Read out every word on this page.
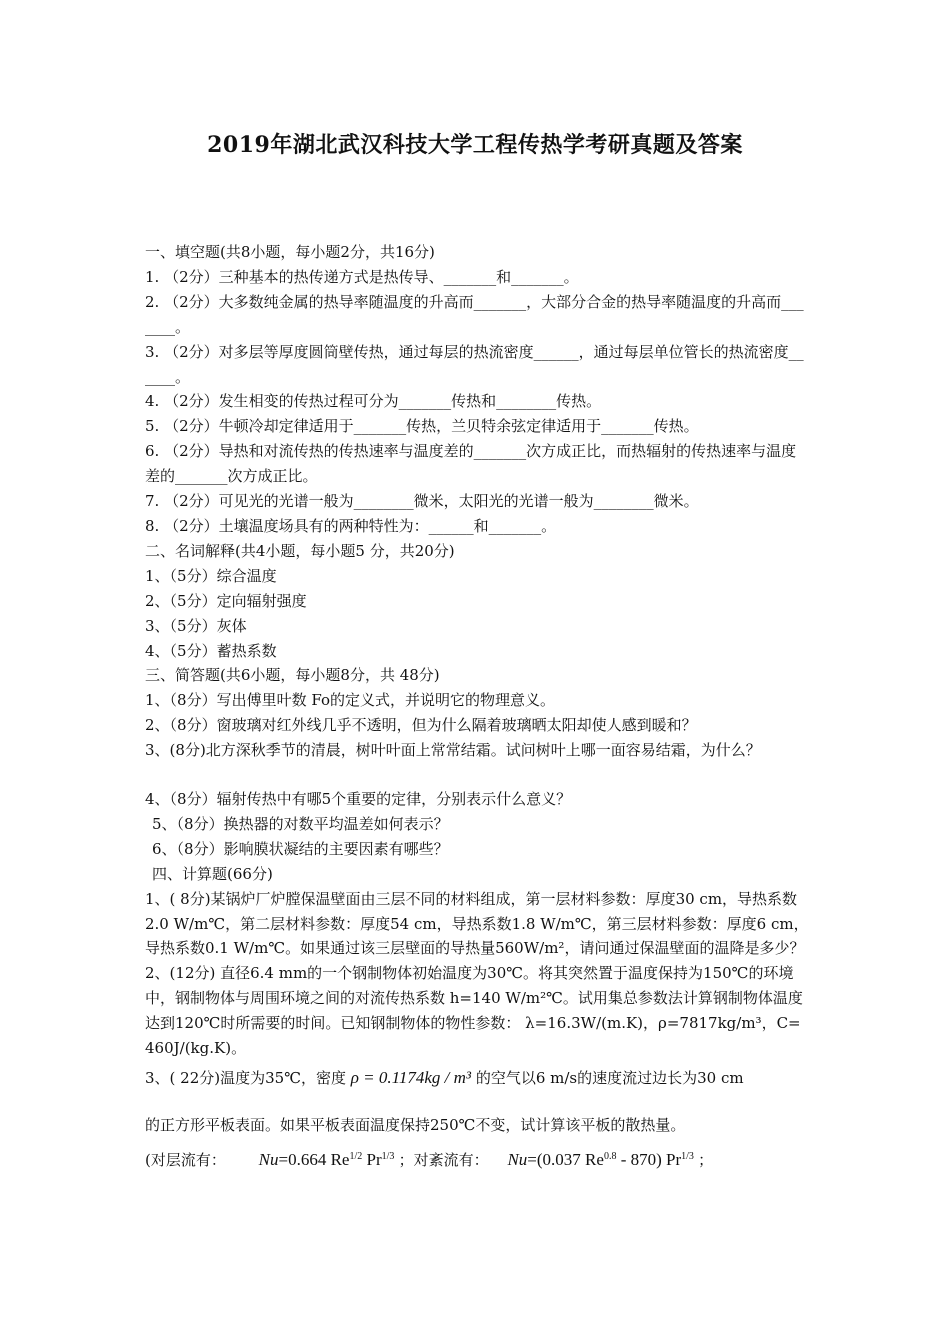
2019年湖北武汉科技大学工程传热学考研真题及答案

一、填空题(共8小题，每小题2分，共16分)

1. （2分）三种基本的热传递方式是热传导、_______和_______。

2. （2分）大多数纯金属的热导率随温度的升高而_______，大部分合金的热导率随温度的升高而_______。

3. （2分）对多层等厚度圆筒壁传热，通过每层的热流密度______，通过每层单位管长的热流密度______。

4. （2分）发生相变的传热过程可分为_______传热和________传热。

5. （2分）牛顿冷却定律适用于_______传热，兰贝特余弦定律适用于_______传热。

6. （2分）导热和对流传热的传热速率与温度差的_______次方成正比，而热辐射的传热速率与温度差的_______次方成正比。

7. （2分）可见光的光谱一般为________微米，太阳光的光谱一般为________微米。

8. （2分）土壤温度场具有的两种特性为：______和_______。

二、名词解释(共4小题，每小题5 分，共20分)

1、（5分）综合温度

2、（5分）定向辐射强度

3、（5分）灰体

4、（5分）蓄热系数

三、简答题(共6小题，每小题8分，共 48分)

1、（8分）写出傅里叶数 Fo的定义式，并说明它的物理意义。

2、（8分）窗玻璃对红外线几乎不透明，但为什么隔着玻璃晒太阳却使人感到暖和？

3、(8分)北方深秋季节的清晨，树叶叶面上常常结霜。试问树叶上哪一面容易结霜，为什么？

4、（8分）辐射传热中有哪5个重要的定律，分别表示什么意义？

5、（8分）换热器的对数平均温差如何表示？

6、（8分）影响膜状凝结的主要因素有哪些？

四、计算题(66分)

1、( 8分)某锅炉厂炉膛保温壁面由三层不同的材料组成，第一层材料参数：厚度30 cm，导热系数2.0 W/m℃，第二层材料参数：厚度54 cm，导热系数1.8 W/m℃，第三层材料参数：厚度6 cm，导热系数0.1 W/m℃。如果通过该三层壁面的导热量560W/m²，请问通过保温壁面的温降是多少？

2、(12分) 直径6.4 mm的一个钢制物体初始温度为30℃。将其突然置于温度保持为150℃的环境中，钢制物体与周围环境之间的对流传热系数 h=140 W/m²℃。试用集总参数法计算钢制物体温度达到120℃时所需要的时间。已知钢制物体的物性参数： λ=16.3W/(m.K)，ρ=7817kg/m³，C=460J/(kg.K)。

3、( 22分)温度为35℃，密度 ρ = 0.1174kg / m³ 的空气以6 m/s的速度流过边长为30 cm

的正方形平板表面。如果平板表面温度保持250℃不变，试计算该平板的散热量。

(对层流有： Nu=0.664 $Re^{1/2}$ $Pr^{1/3}$ ；对紊流有： Nu=(0.037 $Re^{0.8} - 870$) $Pr^{1/3}$ ；
